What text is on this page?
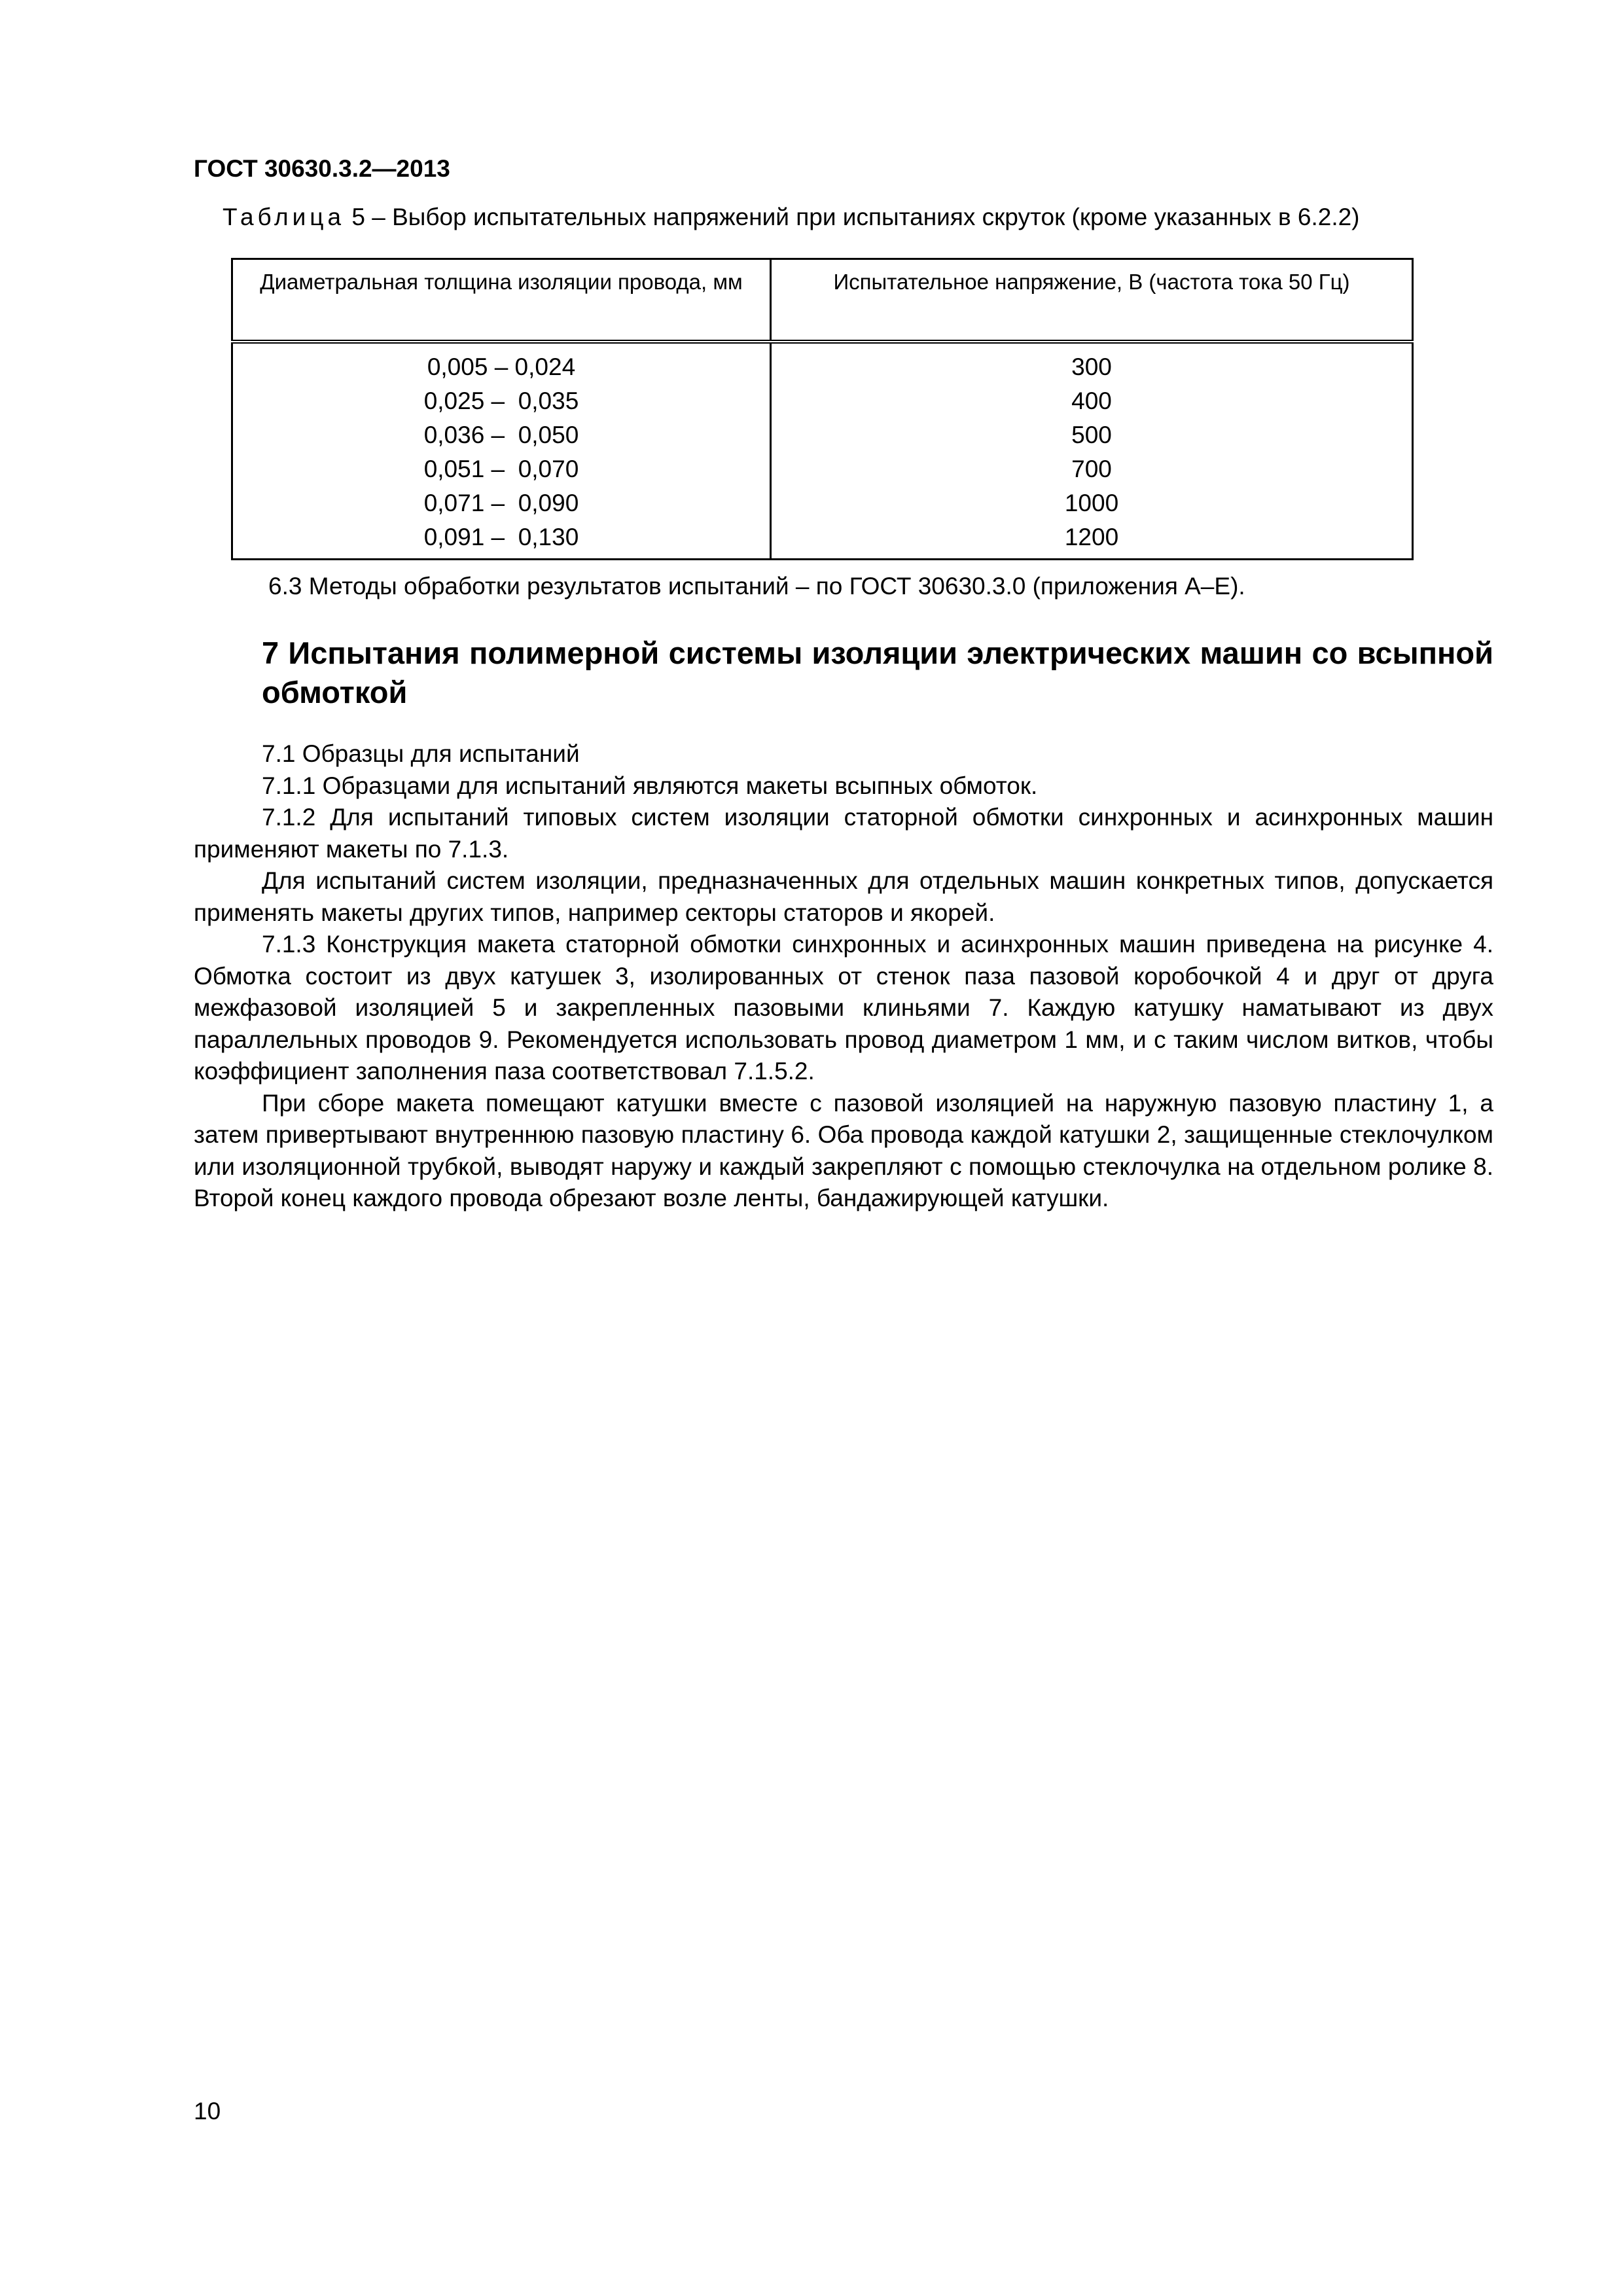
ГОСТ 30630.3.2—2013
Таблица 5 – Выбор испытательных напряжений при испытаниях скруток (кроме указанных в 6.2.2)
Диаметральная толщина изоляции провода, мм	Испытательное напряжение, В (частота тока 50 Гц)
0,005 – 0,024	300
0,025 –  0,035	400
0,036 –  0,050	500
0,051 –  0,070	700
0,071 –  0,090	1000
0,091 –  0,130	1200
6.3 Методы обработки результатов испытаний – по ГОСТ 30630.3.0 (приложения А–Е).
7 Испытания полимерной системы изоляции электрических машин со всыпной обмоткой

7.1 Образцы для испытаний

7.1.1 Образцами для испытаний являются макеты всыпных обмоток.

7.1.2 Для испытаний типовых систем изоляции статорной обмотки синхронных и асинхронных машин применяют макеты по 7.1.3.

Для испытаний систем изоляции, предназначенных для отдельных машин конкретных типов, допускается применять макеты других типов, например секторы статоров и якорей.

7.1.3 Конструкция макета статорной обмотки синхронных и асинхронных машин приведена на рисунке 4. Обмотка состоит из двух катушек 3, изолированных от стенок паза пазовой коробочкой 4 и друг от друга межфазовой изоляцией 5 и закрепленных пазовыми клиньями 7. Каждую катушку наматывают из двух параллельных проводов 9. Рекомендуется использовать провод диаметром 1 мм, и с таким числом витков, чтобы коэффициент заполнения паза соответствовал 7.1.5.2.

При сборе макета помещают катушки вместе с пазовой изоляцией на наружную пазовую пластину 1, а затем привертывают внутреннюю пазовую пластину 6. Оба провода каждой катушки 2, защищенные стеклочулком или изоляционной трубкой, выводят наружу и каждый закрепляют с помощью стеклочулка на отдельном ролике 8. Второй конец каждого провода обрезают возле ленты, бандажирующей катушки.

10
